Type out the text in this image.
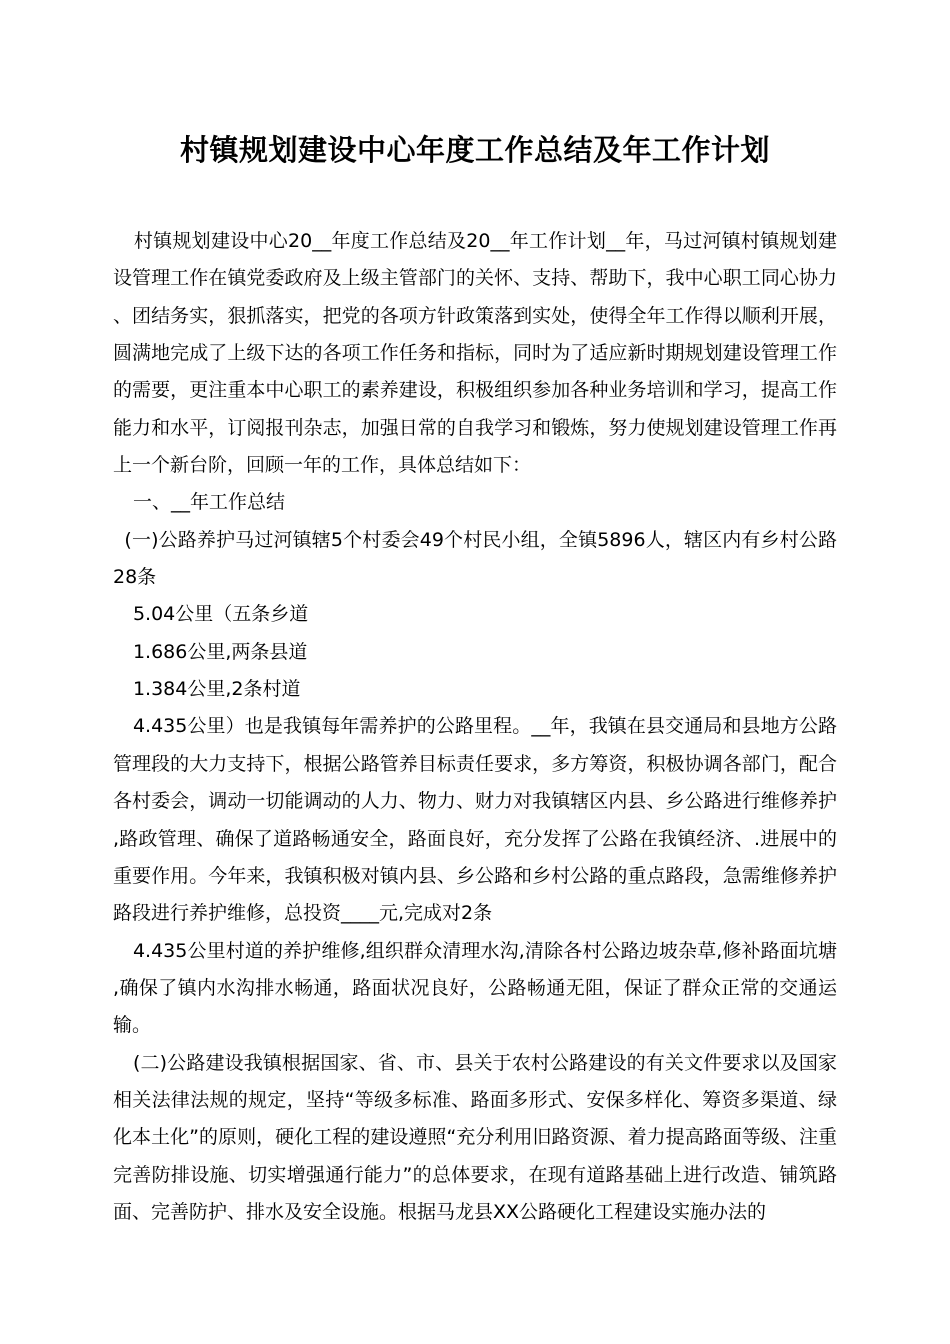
村镇规划建设中心年度工作总结及年工作计划

村镇规划建设中心20__年度工作总结及20__年工作计划__年，马过河镇村镇规划建设管理工作在镇党委政府及上级主管部门的关怀、支持、帮助下，我中心职工同心协力、团结务实，狠抓落实，把党的各项方针政策落到实处，使得全年工作得以顺利开展，圆满地完成了上级下达的各项工作任务和指标，同时为了适应新时期规划建设管理工作的需要，更注重本中心职工的素养建设，积极组织参加各种业务培训和学习，提高工作能力和水平，订阅报刊杂志，加强日常的自我学习和锻炼，努力使规划建设管理工作再上一个新台阶，回顾一年的工作，具体总结如下：

一、__年工作总结

(一)公路养护马过河镇辖5个村委会49个村民小组，全镇5896人，辖区内有乡村公路28条

5.04公里（五条乡道

1.686公里,两条县道

1.384公里,2条村道

4.435公里）也是我镇每年需养护的公路里程。__年，我镇在县交通局和县地方公路管理段的大力支持下，根据公路管养目标责任要求，多方筹资，积极协调各部门，配合各村委会，调动一切能调动的人力、物力、财力对我镇辖区内县、乡公路进行维修养护,路政管理、确保了道路畅通安全，路面良好，充分发挥了公路在我镇经济、.进展中的重要作用。今年来，我镇积极对镇内县、乡公路和乡村公路的重点路段，急需维修养护路段进行养护维修，总投资____元,完成对2条

4.435公里村道的养护维修,组织群众清理水沟,清除各村公路边坡杂草,修补路面坑塘,确保了镇内水沟排水畅通，路面状况良好，公路畅通无阻，保证了群众正常的交通运输。

(二)公路建设我镇根据国家、省、市、县关于农村公路建设的有关文件要求以及国家相关法律法规的规定，坚持“等级多标准、路面多形式、安保多样化、筹资多渠道、绿化本土化”的原则，硬化工程的建设遵照“充分利用旧路资源、着力提高路面等级、注重完善防排设施、切实增强通行能力”的总体要求，在现有道路基础上进行改造、铺筑路面、完善防护、排水及安全设施。根据马龙县XX公路硬化工程建设实施办法的
